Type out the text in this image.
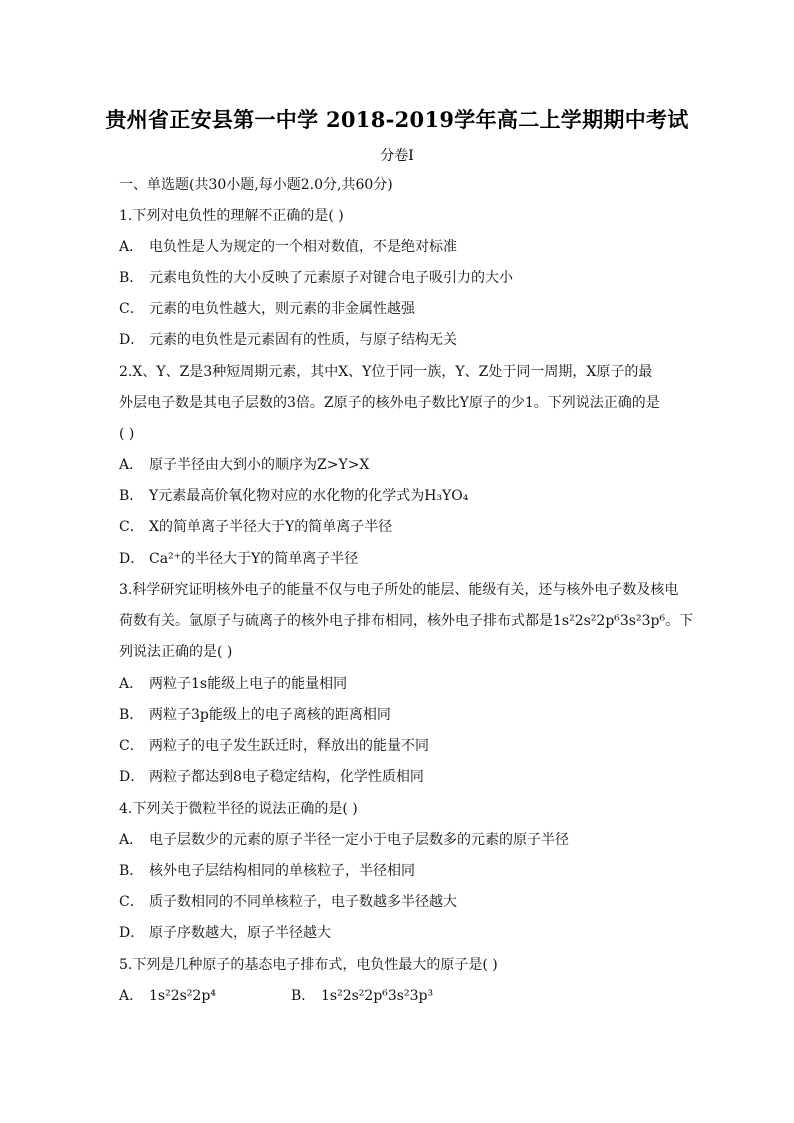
贵州省正安县第一中学 2018-2019学年高二上学期期中考试
分卷I
一、单选题(共30小题,每小题2.0分,共60分)
1.下列对电负性的理解不正确的是( )
A． 电负性是人为规定的一个相对数值，不是绝对标准
B． 元素电负性的大小反映了元素原子对键合电子吸引力的大小
C． 元素的电负性越大，则元素的非金属性越强
D． 元素的电负性是元素固有的性质，与原子结构无关
2.X、Y、Z是3种短周期元素，其中X、Y位于同一族，Y、Z处于同一周期，X原子的最
外层电子数是其电子层数的3倍。Z原子的核外电子数比Y原子的少1。下列说法正确的是
( )
A． 原子半径由大到小的顺序为Z>Y>X
B． Y元素最高价氧化物对应的水化物的化学式为H₃YO₄
C． X的简单离子半径大于Y的简单离子半径
D． Ca²⁺的半径大于Y的简单离子半径
3.科学研究证明核外电子的能量不仅与电子所处的能层、能级有关，还与核外电子数及核电
荷数有关。氩原子与硫离子的核外电子排布相同，核外电子排布式都是1s²2s²2p⁶3s²3p⁶。下
列说法正确的是( )
A． 两粒子1s能级上电子的能量相同
B． 两粒子3p能级上的电子离核的距离相同
C． 两粒子的电子发生跃迁时，释放出的能量不同
D． 两粒子都达到8电子稳定结构，化学性质相同
4.下列关于微粒半径的说法正确的是( )
A． 电子层数少的元素的原子半径一定小于电子层数多的元素的原子半径
B． 核外电子层结构相同的单核粒子，半径相同
C． 质子数相同的不同单核粒子，电子数越多半径越大
D． 原子序数越大，原子半径越大
5.下列是几种原子的基态电子排布式，电负性最大的原子是( )
A． 1s²2s²2p⁴	B． 1s²2s²2p⁶3s²3p³
